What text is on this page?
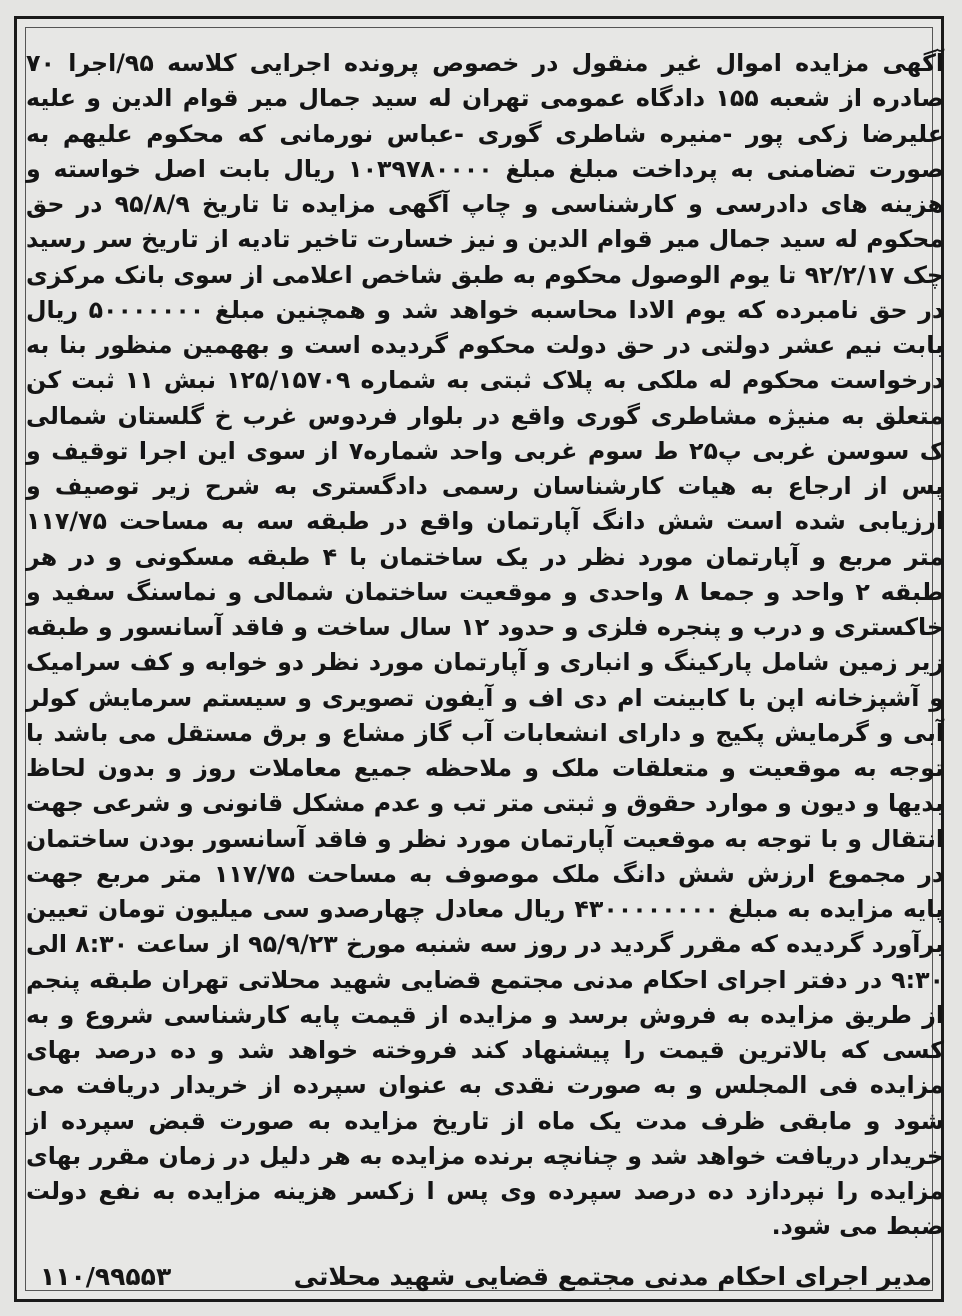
آگهی مزایده اموال غیر منقول در خصوص پرونده اجرایی کلاسه ۹۵/اجرا ۷۰ صادره از شعبه ۱۵۵ دادگاه عمومی تهران له سید جمال میر قوام الدین و علیه علیرضا زکی پور -منیره شاطری گوری -عباس نورمانی که محکوم علیهم به صورت تضامنی به پرداخت مبلغ مبلغ ۱۰۳۹۷۸۰۰۰۰ ریال بابت اصل خواسته و هزینه های دادرسی و کارشناسی و چاپ آگهی مزایده تا تاریخ ۹۵/۸/۹ در حق محکوم له سید جمال میر قوام الدین و نیز خسارت تاخیر تادیه از تاریخ سر رسید چک ۹۲/۲/۱۷ تا یوم الوصول محکوم به طبق شاخص اعلامی از سوی بانک مرکزی در حق نامبرده که یوم الادا محاسبه خواهد شد و همچنین مبلغ ۵۰۰۰۰۰۰۰ ریال بابت نیم عشر دولتی در حق دولت محکوم گردیده است و بههمین منظور بنا به درخواست محکوم له ملکی به پلاک ثبتی به شماره ۱۲۵/۱۵۷۰۹ نبش ۱۱ ثبت کن متعلق به منیژه مشاطری گوری واقع در بلوار فردوس غرب خ گلستان شمالی ک سوسن غربی پ۲۵ ط سوم غربی واحد شماره۷ از سوی این اجرا توقیف و پس از ارجاع به هیات کارشناسان رسمی دادگستری به شرح زیر توصیف و ارزیابی شده است شش دانگ آپارتمان واقع در طبقه سه به مساحت ۱۱۷/۷۵ متر مربع و آپارتمان مورد نظر در یک ساختمان با ۴ طبقه مسکونی و در هر طبقه ۲ واحد و جمعا ۸ واحدی و موقعیت ساختمان شمالی و نماسنگ سفید و خاکستری و درب و پنجره فلزی و حدود ۱۲ سال ساخت و فاقد آسانسور و طبقه زیر زمین شامل پارکینگ و انباری و آپارتمان مورد نظر دو خوابه و کف سرامیک و آشپزخانه اپن با کابینت ام دی اف و آیفون تصویری و سیستم سرمایش کولر آبی و گرمایش پکیج و دارای انشعابات آب گاز مشاع و برق مستقل می باشد با توجه به موقعیت و متعلقات ملک و ملاحظه جمیع معاملات روز و بدون لحاظ بدیها و دیون و موارد حقوق و ثبتی متر تب و عدم مشکل قانونی و شرعی جهت انتقال و با توجه به موقعیت آپارتمان مورد نظر و فاقد آسانسور بودن ساختمان در مجموع ارزش شش دانگ ملک موصوف به مساحت ۱۱۷/۷۵ متر مربع جهت پایه مزایده به مبلغ ۴۳۰۰۰۰۰۰۰۰ ریال معادل چهارصدو سی میلیون تومان تعیین برآورد گردیده که مقرر گردید در روز سه شنبه مورخ ۹۵/۹/۲۳ از ساعت ۸:۳۰ الی ۹:۳۰ در دفتر اجرای احکام مدنی مجتمع قضایی شهید محلاتی تهران طبقه پنجم از طریق مزایده به فروش برسد و مزایده از قیمت پایه کارشناسی شروع و به کسی که بالاترین قیمت را پیشنهاد کند فروخته خواهد شد و ده درصد بهای مزایده فی المجلس و به صورت نقدی به عنوان سپرده از خریدار دریافت می شود و مابقی ظرف مدت یک ماه از تاریخ مزایده به صورت قبض سپرده از خریدار دریافت خواهد شد و چنانچه برنده مزایده به هر دلیل در زمان مقرر بهای مزایده را نپردازد ده درصد سپرده وی پس ا زکسر هزینه مزایده به نفع دولت ضبط می شود.

مدیر اجرای احکام مدنی مجتمع قضایی شهید محلاتی
۱۱۰/۹۹۵۵۳
